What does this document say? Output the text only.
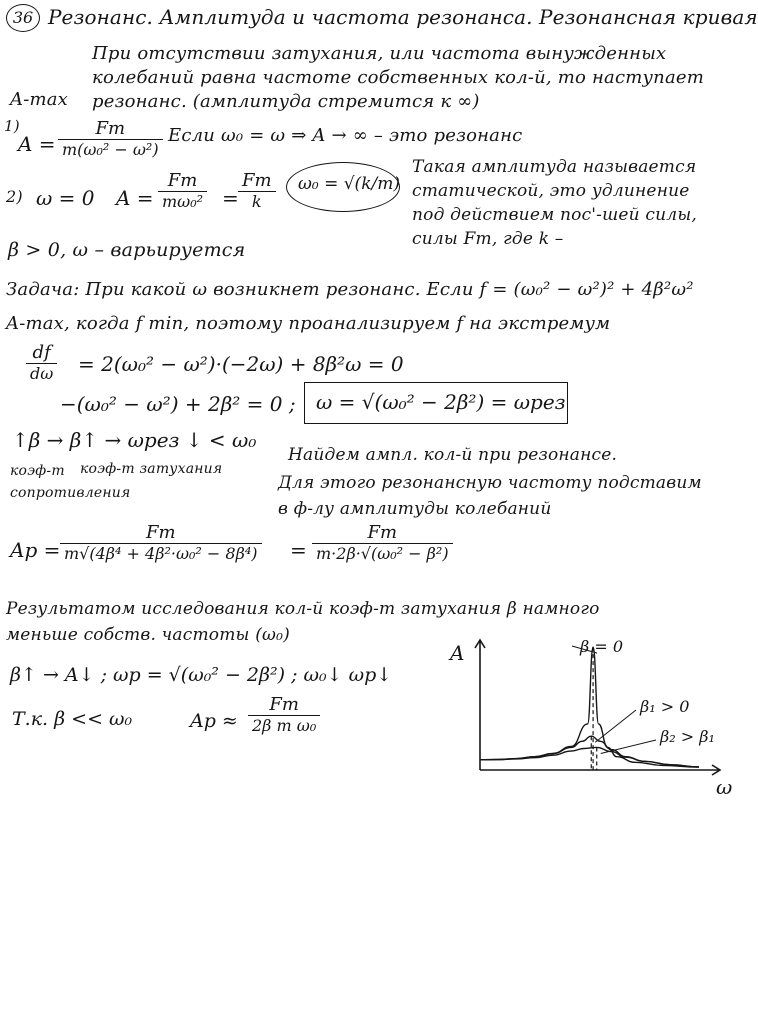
36 Резонанс. Амплитуда и частота резонанса. Резонансная кривая
При отсутствии затухания, или частота вынужденных
колебаний равна частоте собственных кол-й, то наступает
резонанс. (амплитуда стремится к ∞)
A-max
1)
$A = \frac{Fm}{\text{m(ω₀² − ω²)}}$ Если ω₀ = ω ⇒ A → ∞ – это резонанс
2) ω = 0 $A = \frac{Fm}{\text{mω₀²}} = \frac{Fm}{k} \omega_0 = √(k/m)$
Такая амплитуда называется
статической, это удлинение
под действием пос'-шей силы,
силы Fm, где k –
β > 0, ω – варьируется
Задача: При какой ω возникнет резонанс. Если f = (ω₀² − ω²)² + 4β²ω²
A-max, когда f min, поэтому проанализируем f на экстремум
$\frac{df}{d\omega} = 2(\omega_0^2 - \omega^2)\cdot(-2\omega) + 8\beta^2\omega = 0$
−(ω₀² − ω²) + 2β² = 0 ; ω = √(ω₀² − 2β²) = ωрез
↑β → β↑ → ωрез ↓ < ω₀
коэф-т коэф-т затухания
сопротивления
Найдем ампл. кол-й при резонансе.
Для этого резонансную частоту подставим
в ф-лу амплитуды колебаний
Aр = $\frac{Fm}{\text{m√(4β⁴ + 4β²·ω₀² − 8β⁴)}} = \frac{Fm}{\text{m·2β·√(ω₀² − β²)}}$
Результатом исследования кол-й коэф-т затухания β намного
меньше собств. частоты (ω₀)
β↑ → A↓ ; ωр = √(ω₀² − 2β²) ; ω₀↓ ωр↓
Т.к. β << ω₀	Aр ≈ $\frac{Fm}{\text{2β m ω₀}}$
ω
A	β = 0
β₁ > 0
β₂ > β₁
